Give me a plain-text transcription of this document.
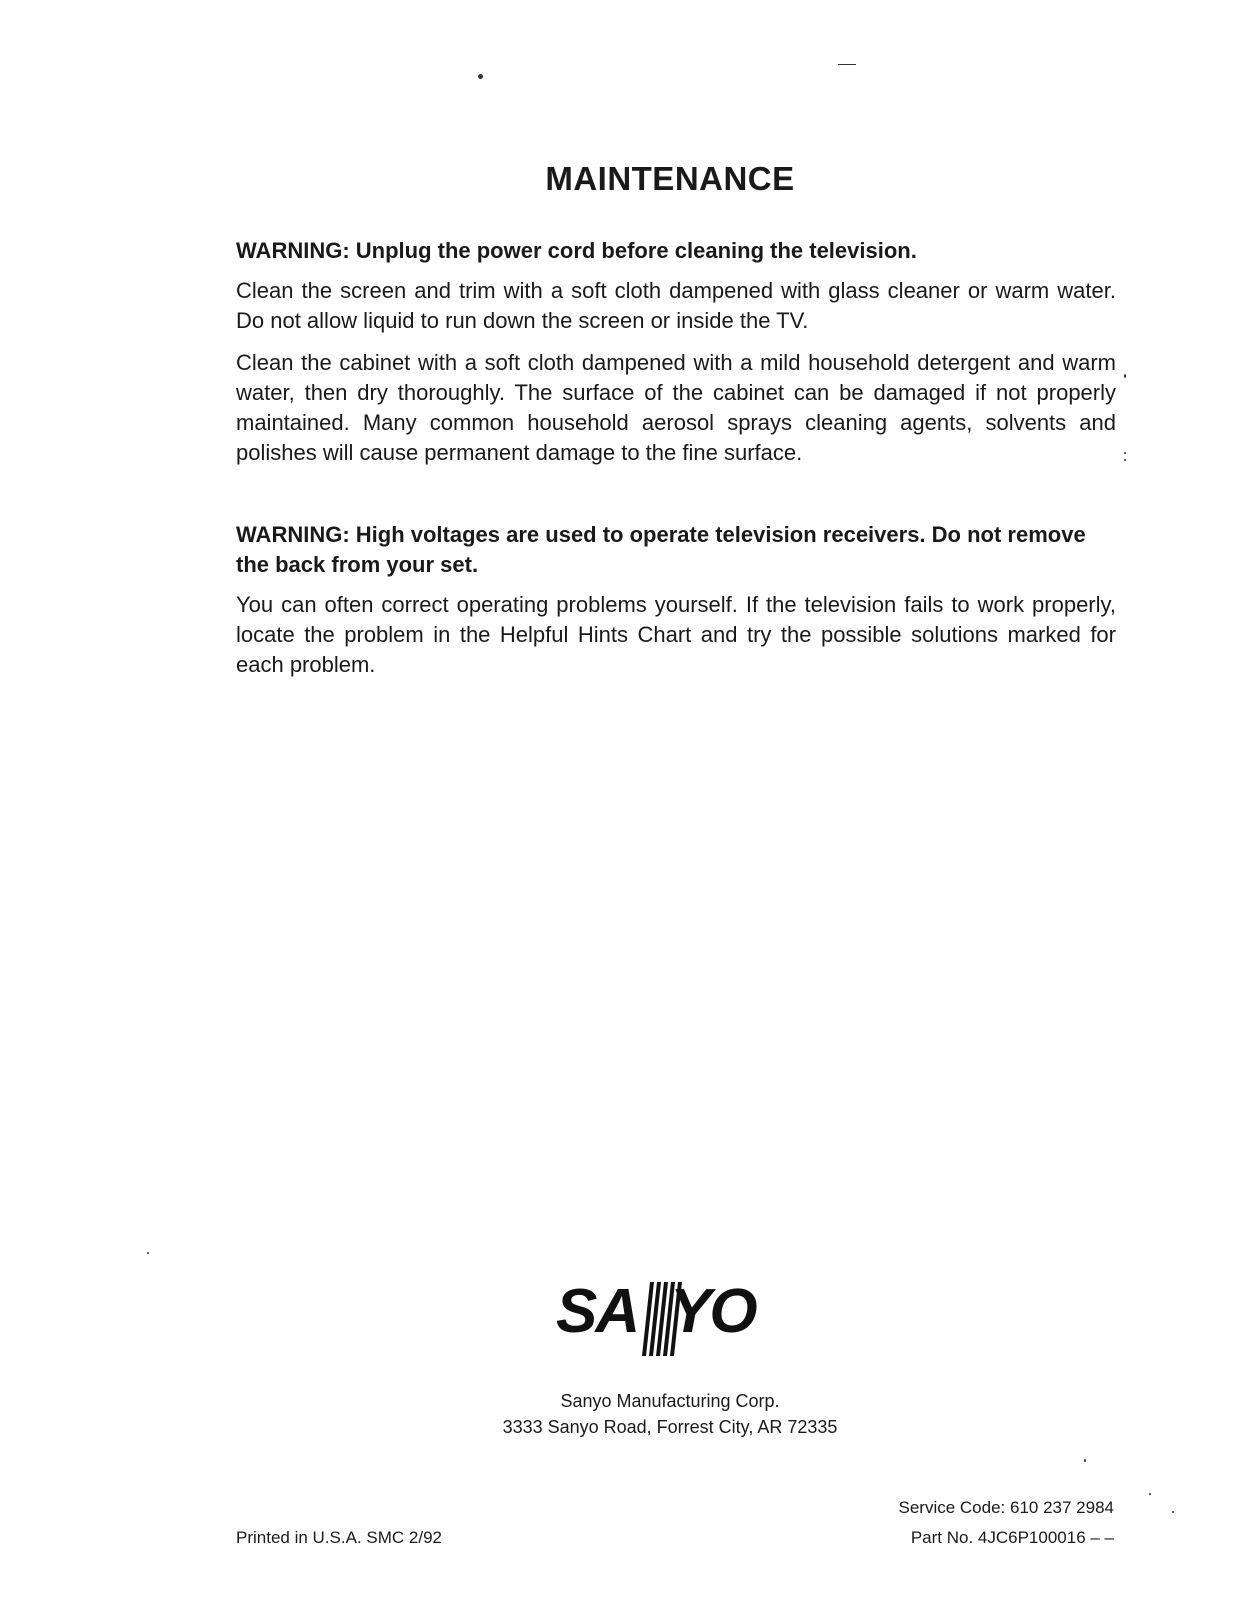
MAINTENANCE

WARNING: Unplug the power cord before cleaning the television.

Clean the screen and trim with a soft cloth dampened with glass cleaner or warm water. Do not allow liquid to run down the screen or inside the TV.

Clean the cabinet with a soft cloth dampened with a mild household detergent and warm water, then dry thoroughly. The surface of the cabinet can be damaged if not properly maintained. Many common household aerosol sprays cleaning agents, solvents and polishes will cause permanent damage to the fine surface.

WARNING: High voltages are used to operate television receivers. Do not remove the back from your set.

You can often correct operating problems yourself. If the television fails to work properly, locate the problem in the Helpful Hints Chart and try the possible solutions marked for each problem.

SA YO
Sanyo Manufacturing Corp.
3333 Sanyo Road, Forrest City, AR 72335
Printed in U.S.A. SMC 2/92
Service Code: 610 237 2984
Part No. 4JC6P100016 – –
